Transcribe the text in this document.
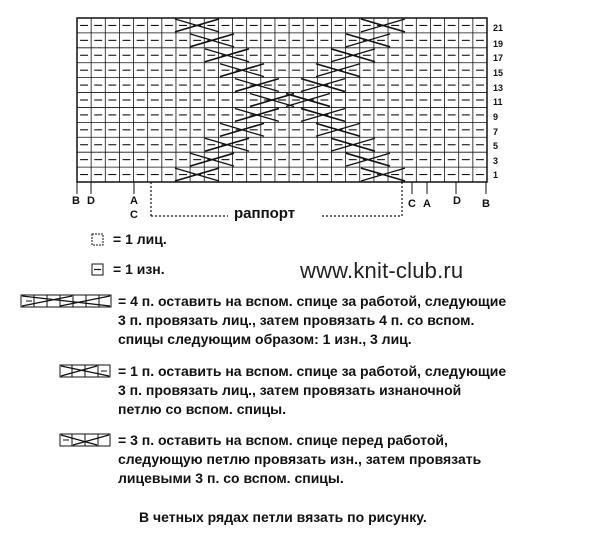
21
19
17
15
13
11
9
7
5
3
1
B D	A
C
C A D B
раппорт
www.knit-club.ru
= 1 лиц.
= 1 изн.
= 4 п. оставить на вспом. спице за работой, следующие
3 п. провязать лиц., затем провязать 4 п. со вспом.
спицы следующим образом: 1 изн., 3 лиц.
= 1 п. оставить на вспом. спице за работой, следующие
3 п. провязать лиц., затем провязать изнаночной
петлю со вспом. спицы.
= 3 п. оставить на вспом. спице перед работой,
следующую петлю провязать изн., затем провязать
лицевыми 3 п. со вспом. спицы.
В четных рядах петли вязать по рисунку.
